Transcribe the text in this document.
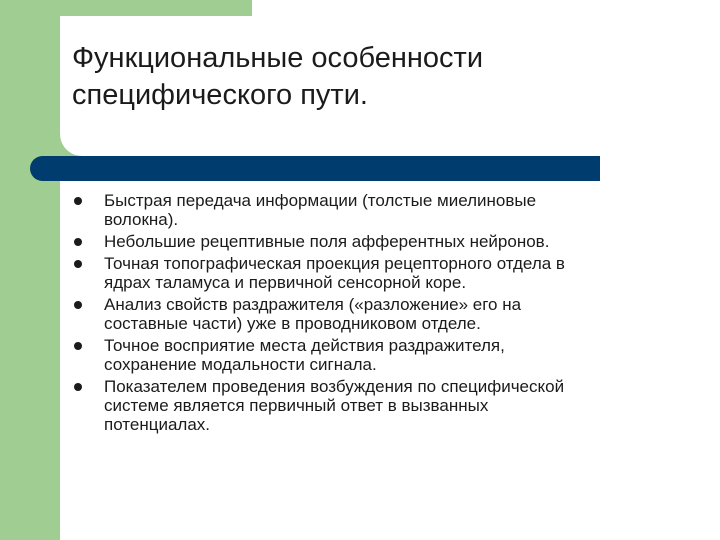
Функциональные особенности
специфического пути.
Быстрая передача информации (толстые миелиновые
волокна).
Небольшие рецептивные поля афферентных нейронов.
Точная топографическая проекция рецепторного отдела в
ядрах таламуса и первичной сенсорной коре.
Анализ свойств раздражителя («разложение» его на
составные части) уже в проводниковом отделе.
Точное восприятие места действия раздражителя,
сохранение модальности сигнала.
Показателем проведения возбуждения по специфической
системе является первичный ответ в вызванных
потенциалах.
